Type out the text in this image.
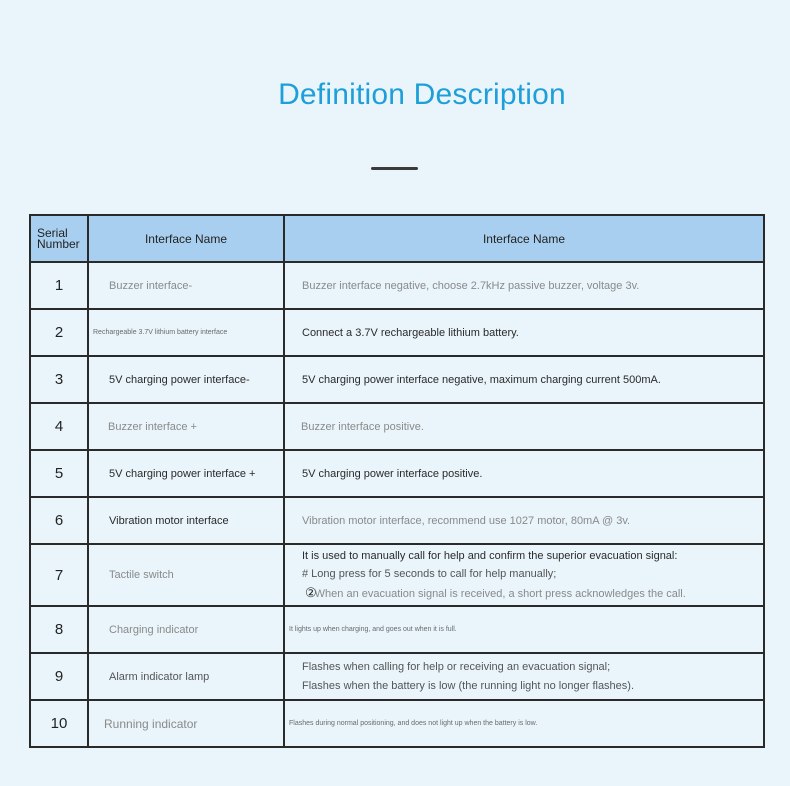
Definition Description
Serial
Number	Interface Name	Interface Name
1	Buzzer interface-	Buzzer interface negative, choose 2.7kHz passive buzzer, voltage 3v.
2	Rechargeable 3.7V lithium battery interface	Connect a 3.7V rechargeable lithium battery.
3	5V charging power interface-	5V charging power interface negative, maximum charging current 500mA.
4	Buzzer interface +	Buzzer interface positive.
5	5V charging power interface +	5V charging power interface positive.
6	Vibration motor interface	Vibration motor interface, recommend use 1027 motor, 80mA @ 3v.
7	Tactile switch	It is used to manually call for help and confirm the superior evacuation signal:
# Long press for 5 seconds to call for help manually;
②When an evacuation signal is received, a short press acknowledges the call.

8	Charging indicator	It lights up when charging, and goes out when it is full.
9	Alarm indicator lamp	Flashes when calling for help or receiving an evacuation signal;
Flashes when the battery is low (the running light no longer flashes).

10	Running indicator	Flashes during normal positioning, and does not light up when the battery is low.
